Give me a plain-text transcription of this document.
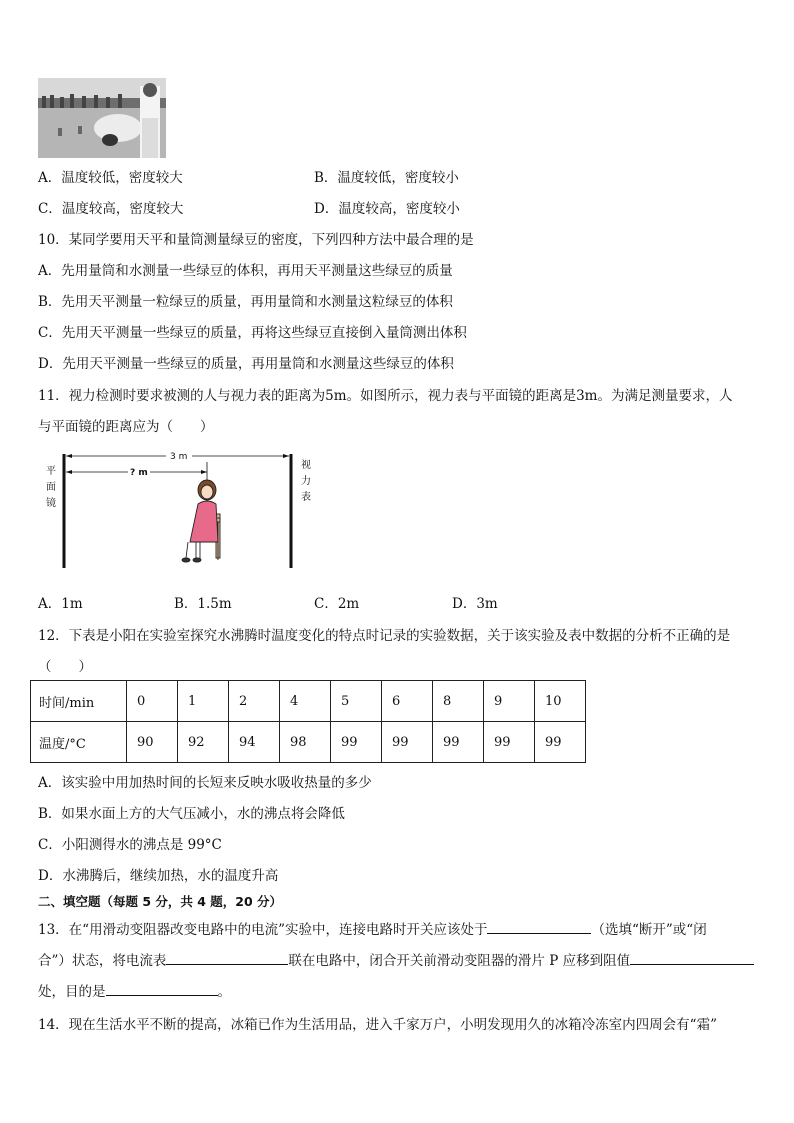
A．温度较低，密度较大	B．温度较低，密度较小
C．温度较高，密度较大	D．温度较高，密度较小
10．某同学要用天平和量筒测量绿豆的密度，下列四种方法中最合理的是
A．先用量筒和水测量一些绿豆的体积，再用天平测量这些绿豆的质量
B．先用天平测量一粒绿豆的质量，再用量筒和水测量这粒绿豆的体积
C．先用天平测量一些绿豆的质量，再将这些绿豆直接倒入量筒测出体积
D．先用天平测量一些绿豆的质量，再用量筒和水测量这些绿豆的体积
11．视力检测时要求被测的人与视力表的距离为5m。如图所示，视力表与平面镜的距离是3m。为满足测量要求，人
与平面镜的距离应为（　　）
平面镜
视力表
3 m
? m
A．1m	B．1.5m	C．2m	D．3m
12．下表是小阳在实验室探究水沸腾时温度变化的特点时记录的实验数据，关于该实验及表中数据的分析不正确的是
（　　）
时间/min	0	1	2	4	5	6	8	9	10
温度/°C	90	92	94	98	99	99	99	99	99
A．该实验中用加热时间的长短来反映水吸收热量的多少
B．如果水面上方的大气压减小，水的沸点将会降低
C．小阳测得水的沸点是 99°C
D．水沸腾后，继续加热，水的温度升高
二、填空题（每题 5 分，共 4 题，20 分）
13．在“用滑动变阻器改变电路中的电流”实验中，连接电路时开关应该处于	（选填“断开”或“闭
合”）状态，将电流表	联在电路中，闭合开关前滑动变阻器的滑片 P 应移到阻值
处，目的是	。
14．现在生活水平不断的提高，冰箱已作为生活用品，进入千家万户，小明发现用久的冰箱冷冻室内四周会有“霜”
